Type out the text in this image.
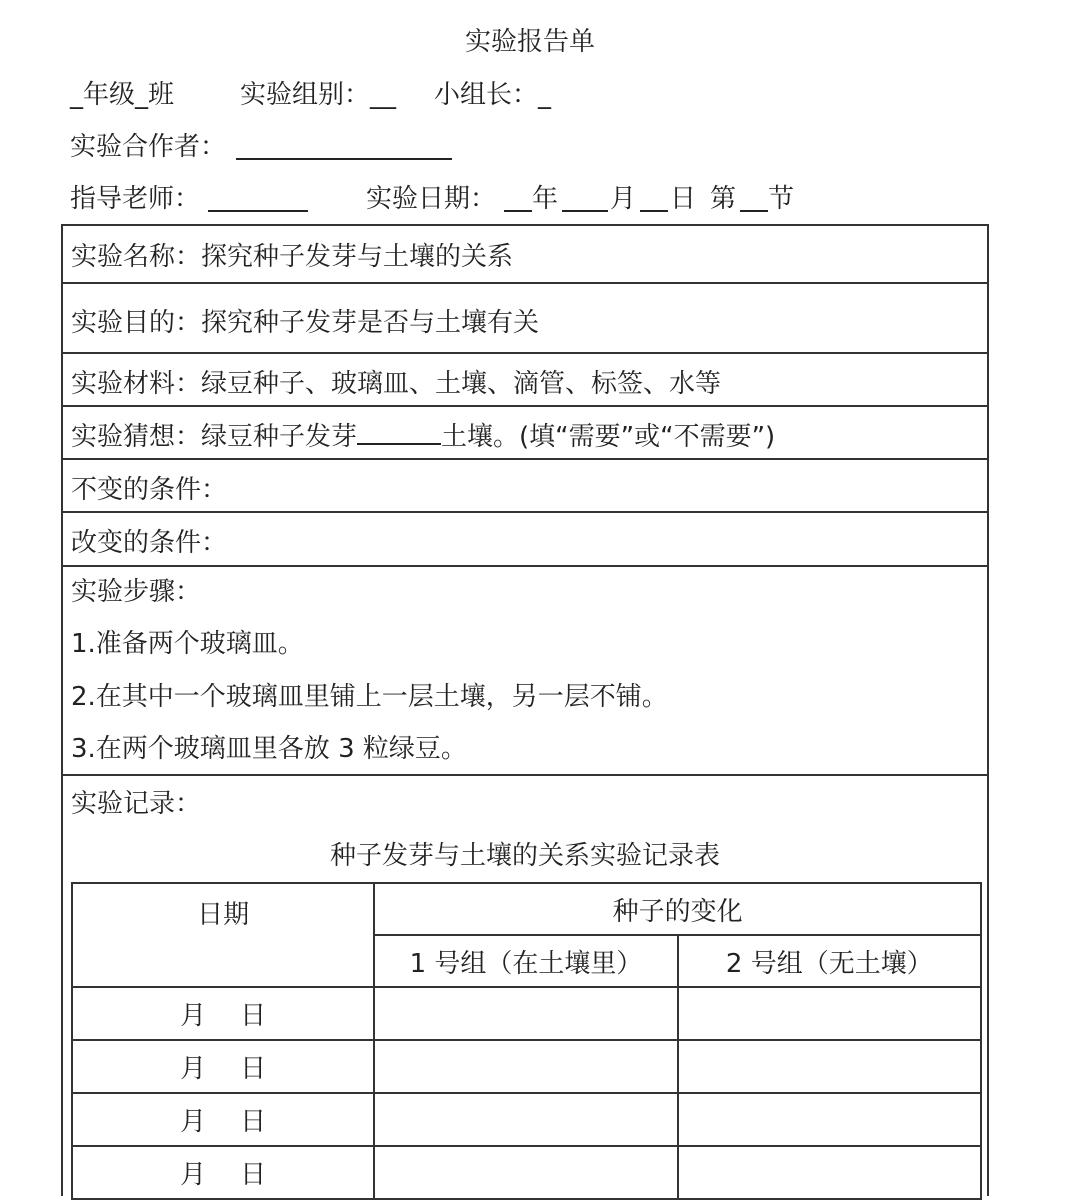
实验报告单
_年级_班	实验组别：__ 小组长：_
实验合作者：
指导老师：	实验日期： 年 月 日 第 节
实验名称：探究种子发芽与土壤的关系
实验目的：探究种子发芽是否与土壤有关
实验材料：绿豆种子、玻璃皿、土壤、滴管、标签、水等
实验猜想：绿豆种子发芽	土壤。(填“需要”或“不需要”)
不变的条件：
改变的条件：
实验步骤：
1.准备两个玻璃皿。
2.在其中一个玻璃皿里铺上一层土壤，另一层不铺。
3.在两个玻璃皿里各放 3 粒绿豆。
实验记录：
种子发芽与土壤的关系实验记录表
日期	种子的变化	
	1 号组（在土壤里）	2 号组（无土壤）
月 日		
月 日		
月 日		
月 日		
